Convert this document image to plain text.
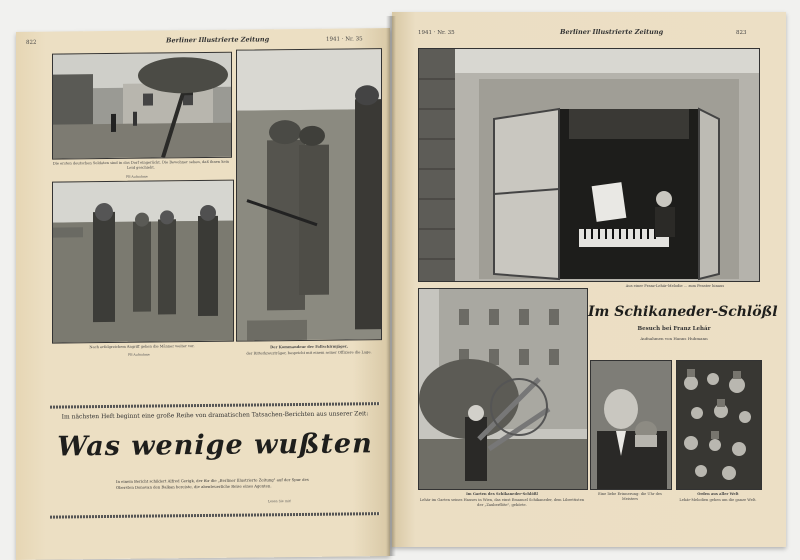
822	Berliner Illustrierte Zeitung	1941 · Nr. 35
Die ersten deutschen Soldaten sind in das Dorf eingerückt. Die Bewohner sehen, daß ihnen kein Leid geschieht.
PK-Aufnahme
Nach erfolgreichem Angriff gehen die Männer weiter vor.
PK-Aufnahme
Der Kommandeur der Fallschirmjäger,
der Ritterkreuzträger, bespricht mit einem seiner Offiziere die Lage.
Im nächsten Heft beginnt eine große Reihe von dramatischen Tatsachen-Berichten aus unserer Zeit:
Was wenige wußten
In einem Bericht schildert Alfred Gerigk, der für die „Berliner Illustrierte Zeitung" auf der Spur des Obersten Donovan den Balkan bereiste, die abenteuerliche Reise eines Agenten.
Lesen Sie mit!
1941 · Nr. 35	Berliner Illustrierte Zeitung	823
Aus einer Franz-Lehár-Melodie ... zum Fenster hinaus
Im Schikaneder-Schlößl
Besuch bei Franz Lehár
Aufnahmen von Hanns Hubmann
Im Garten des Schikaneder-Schlößl
Lehár im Garten seines Hauses in Wien, das einst Emanuel Schikaneder, dem Librettisten der „Zauberflöte", gehörte.
Eine liebe Erinnerung: die Uhr des Meisters
Orden aus aller Welt
Lehár-Melodien gehen um die ganze Welt.
